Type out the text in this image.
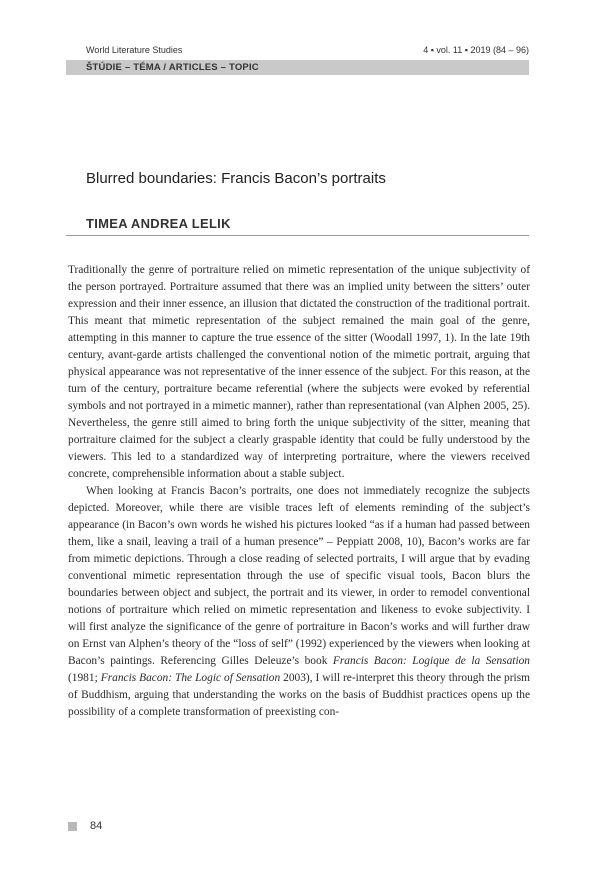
World Literature Studies	4 ▪ vol. 11 ▪ 2019 (84 – 96)
ŠTÚDIE – TÉMA / ARTICLES – TOPIC
Blurred boundaries: Francis Bacon’s portraits
TIMEA ANDREA LELIK

Traditionally the genre of portraiture relied on mimetic representation of the unique subjectivity of the person portrayed. Portraiture assumed that there was an implied unity between the sitters’ outer expression and their inner essence, an illusion that dictated the construction of the traditional portrait. This meant that mimetic representation of the subject remained the main goal of the genre, attempting in this manner to capture the true essence of the sitter (Woodall 1997, 1). In the late 19th century, avant-garde artists challenged the conventional notion of the mimetic portrait, arguing that physical appearance was not representative of the inner essence of the subject. For this reason, at the turn of the century, portraiture became referential (where the subjects were evoked by referential symbols and not portrayed in a mimetic manner), rather than representational (van Alphen 2005, 25). Nevertheless, the genre still aimed to bring forth the unique subjectivity of the sitter, meaning that portraiture claimed for the subject a clearly graspable identity that could be fully understood by the viewers. This led to a standardized way of interpreting portraiture, where the viewers received concrete, comprehensible information about a stable subject.

When looking at Francis Bacon’s portraits, one does not immediately recognize the subjects depicted. Moreover, while there are visible traces left of elements reminding of the subject’s appearance (in Bacon’s own words he wished his pictures looked “as if a human had passed between them, like a snail, leaving a trail of a human presence” – Peppiatt 2008, 10), Bacon’s works are far from mimetic depictions. Through a close reading of selected portraits, I will argue that by evading conventional mimetic representation through the use of specific visual tools, Bacon blurs the boundaries between object and subject, the portrait and its viewer, in order to remodel conventional notions of portraiture which relied on mimetic representation and likeness to evoke subjectivity. I will first analyze the significance of the genre of portraiture in Bacon’s works and will further draw on Ernst van Alphen’s theory of the “loss of self” (1992) experienced by the viewers when looking at Bacon’s paintings. Referencing Gilles Deleuze’s book Francis Bacon: Logique de la Sensation (1981; Francis Bacon: The Logic of Sensation 2003), I will re-interpret this theory through the prism of Buddhism, arguing that understanding the works on the basis of Buddhist practices opens up the possibility of a complete transformation of preexisting con-

84
